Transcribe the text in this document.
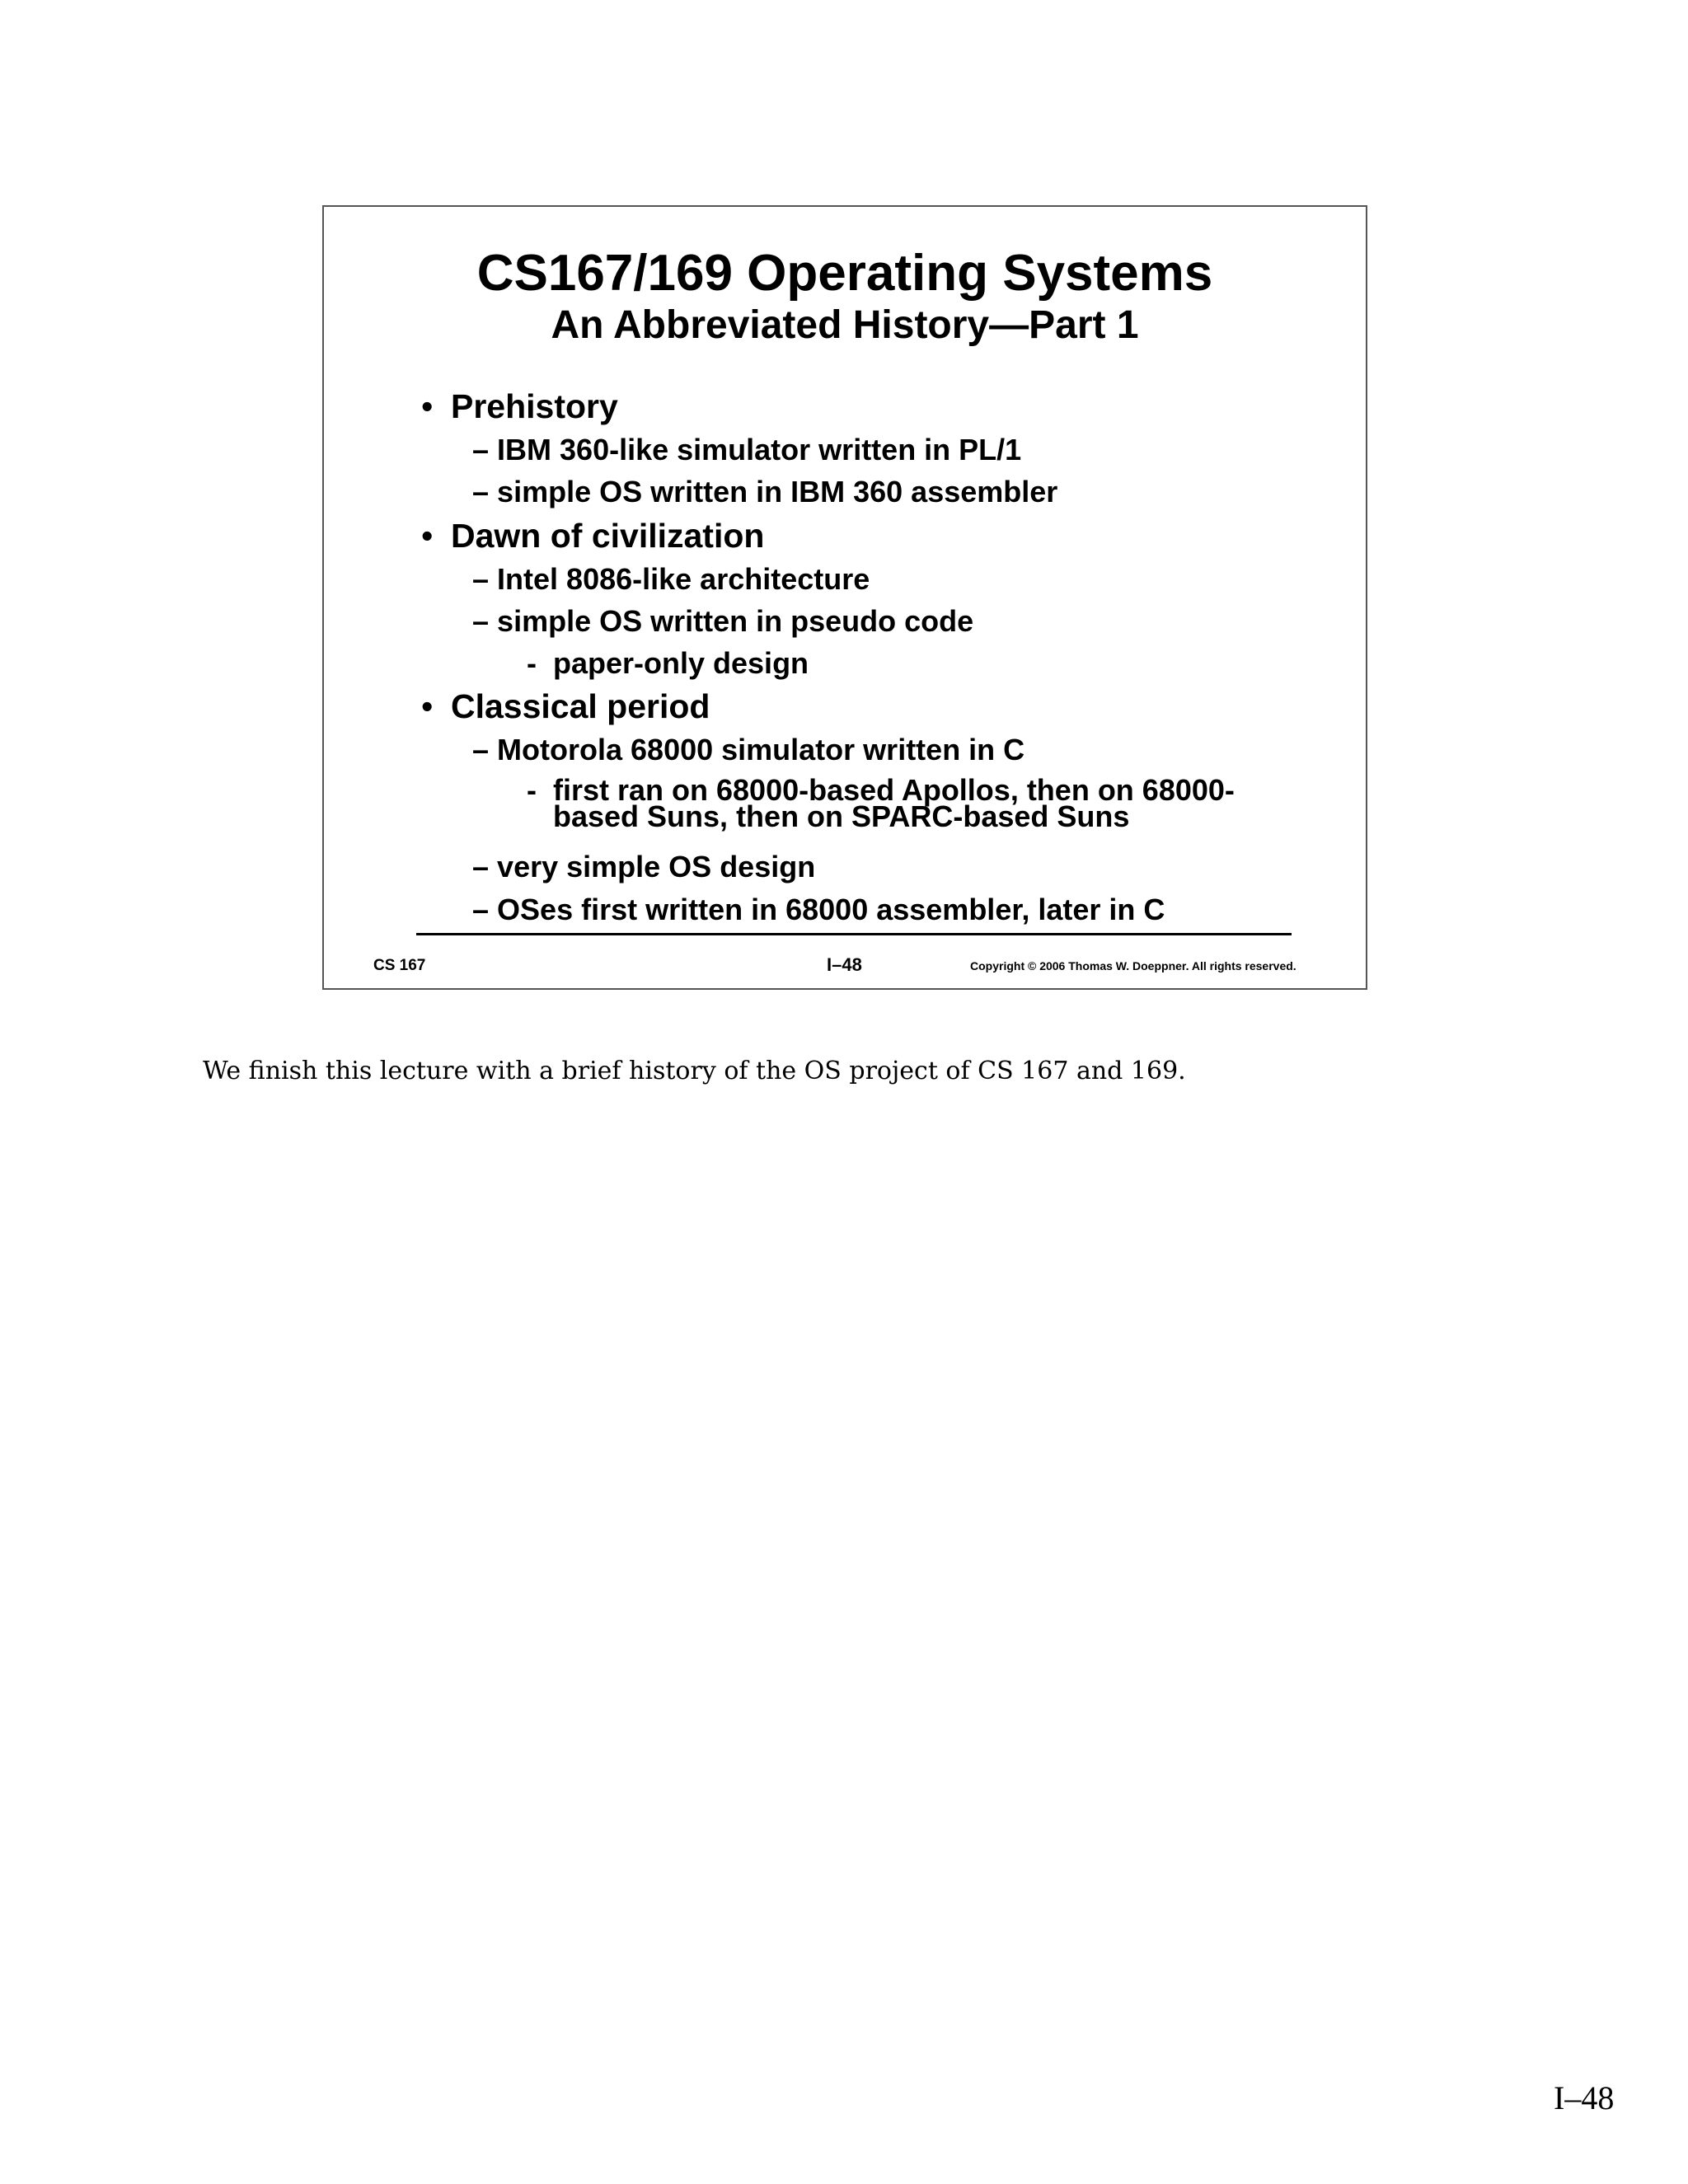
CS167/169 Operating Systems
An Abbreviated History—Part 1
• Prehistory
– IBM 360-like simulator written in PL/1
– simple OS written in IBM 360 assembler
• Dawn of civilization
– Intel 8086-like architecture
– simple OS written in pseudo code
- paper-only design
• Classical period
– Motorola 68000 simulator written in C
- first ran on 68000-based Apollos, then on 68000-based Suns, then on SPARC-based Suns
– very simple OS design
– OSes first written in 68000 assembler, later in C
CS 167	I–48	Copyright © 2006 Thomas W. Doeppner. All rights reserved.

We finish this lecture with a brief history of the OS project of CS 167 and 169.

I–48
